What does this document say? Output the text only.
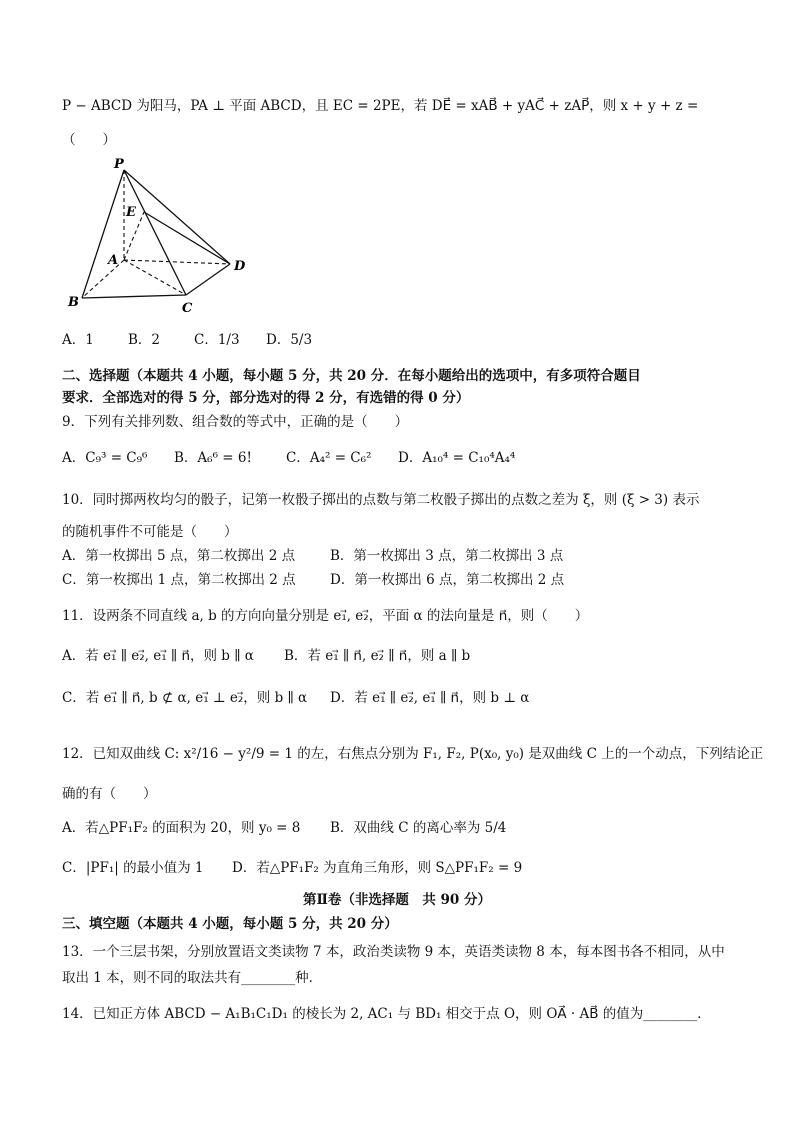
P − ABCD 为阳马，PA ⊥ 平面 ABCD，且 EC = 2PE，若 DE⃗ = xAB⃗ + yAC⃗ + zAP⃗，则 x + y + z =
（　　）
P
E
A
B	C
D
A．1	B．2	C．1/3	D．5/3
二、选择题（本题共 4 小题，每小题 5 分，共 20 分．在每小题给出的选项中，有多项符合题目
要求．全部选对的得 5 分，部分选对的得 2 分，有选错的得 0 分）
9．下列有关排列数、组合数的等式中，正确的是（　　）
A．C₉³ = C₉⁶	B．A₆⁶ = 6!	C．A₄² = C₆²	D．A₁₀⁴ = C₁₀⁴A₄⁴
10．同时掷两枚均匀的骰子，记第一枚骰子掷出的点数与第二枚骰子掷出的点数之差为 ξ，则 (ξ > 3) 表示
的随机事件不可能是（　　）
A．第一枚掷出 5 点，第二枚掷出 2 点	B．第一枚掷出 3 点，第二枚掷出 3 点
C．第一枚掷出 1 点，第二枚掷出 2 点	D．第一枚掷出 6 点，第二枚掷出 2 点
11．设两条不同直线 a, b 的方向向量分别是 e₁⃗, e₂⃗，平面 α 的法向量是 n⃗，则（　　）
A．若 e₁⃗ ∥ e₂⃗, e₁⃗ ∥ n⃗，则 b ∥ α	B．若 e₁⃗ ∥ n⃗, e₂⃗ ∥ n⃗，则 a ∥ b
C．若 e₁⃗ ∥ n⃗, b ⊄ α, e₁⃗ ⊥ e₂⃗，则 b ∥ α	D．若 e₁⃗ ∥ e₂⃗, e₁⃗ ∥ n⃗，则 b ⊥ α
12．已知双曲线 C: x²/16 − y²/9 = 1 的左，右焦点分别为 F₁, F₂, P(x₀, y₀) 是双曲线 C 上的一个动点，下列结论正
确的有（　　）
A．若△PF₁F₂ 的面积为 20，则 y₀ = 8	B．双曲线 C 的离心率为 5/4
C．|PF₁| 的最小值为 1	D．若△PF₁F₂ 为直角三角形，则 S△PF₁F₂ = 9
第Ⅱ卷（非选择题　共 90 分）
三、填空题（本题共 4 小题，每小题 5 分，共 20 分）
13．一个三层书架，分别放置语文类读物 7 本，政治类读物 9 本，英语类读物 8 本，每本图书各不相同，从中
取出 1 本，则不同的取法共有________种．
14．已知正方体 ABCD − A₁B₁C₁D₁ 的棱长为 2, AC₁ 与 BD₁ 相交于点 O，则 OA⃗ · AB⃗ 的值为________．
